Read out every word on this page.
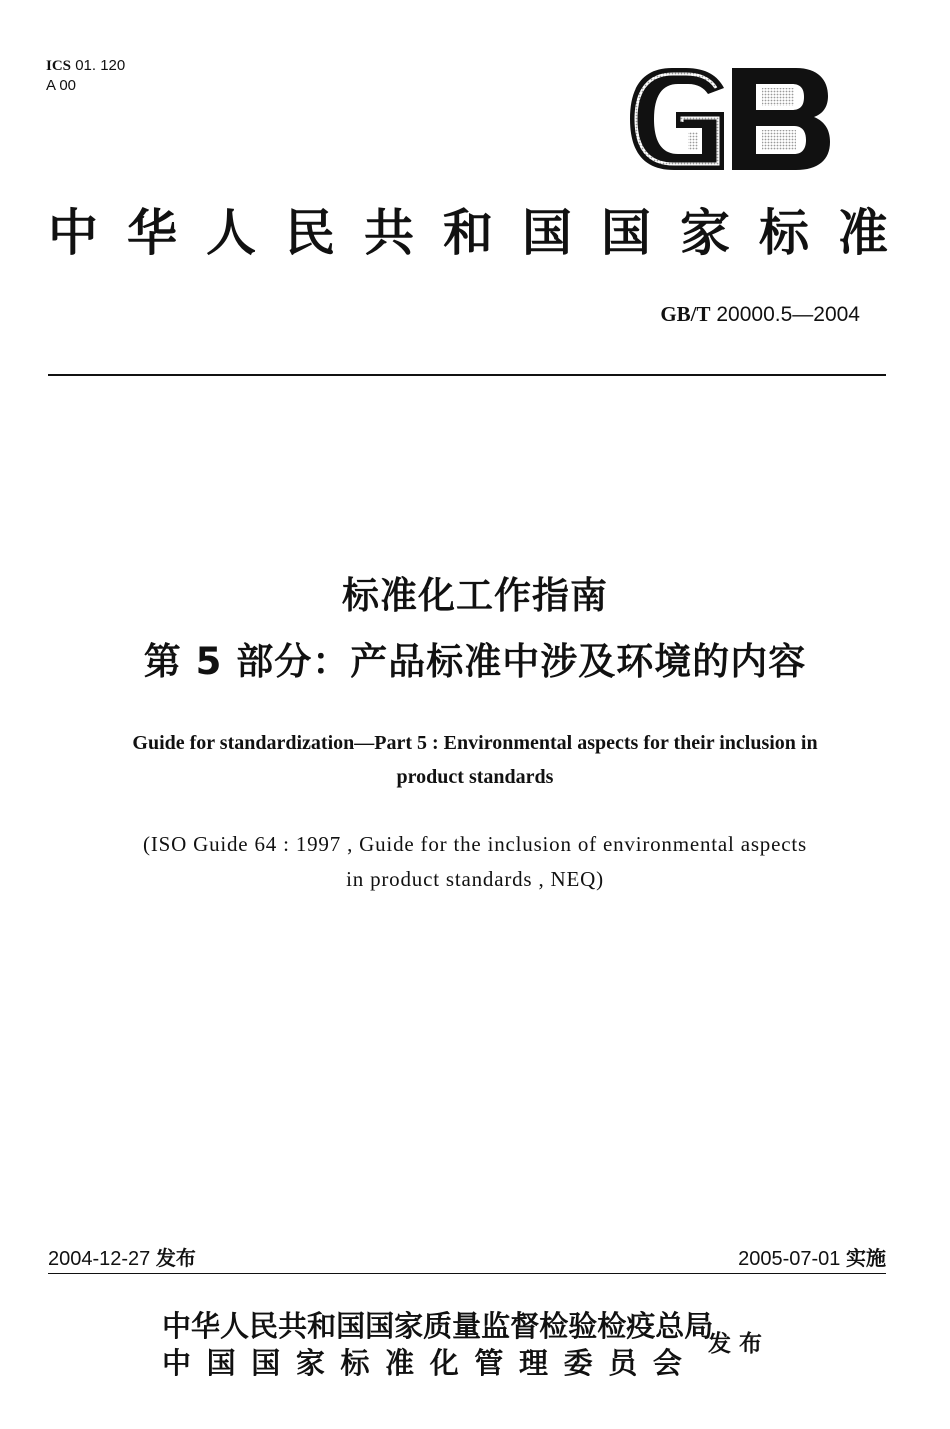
ICS 01. 120
A 00
中 华 人 民 共 和 国 国 家 标 准
GB/T 20000.5—2004
标准化工作指南
第 5 部分：产品标准中涉及环境的内容
Guide for standardization—Part 5 : Environmental aspects for their inclusion in
product standards
(ISO Guide 64 : 1997 , Guide for the inclusion of environmental aspects
in product standards , NEQ)
2004-12-27 发布	2005-07-01 实施
中 华 人 民 共 和 国 国 家 质 量 监 督 检 验 检 疫 总 局
中 国 国 家 标 准 化 管 理 委 员 会
发布
